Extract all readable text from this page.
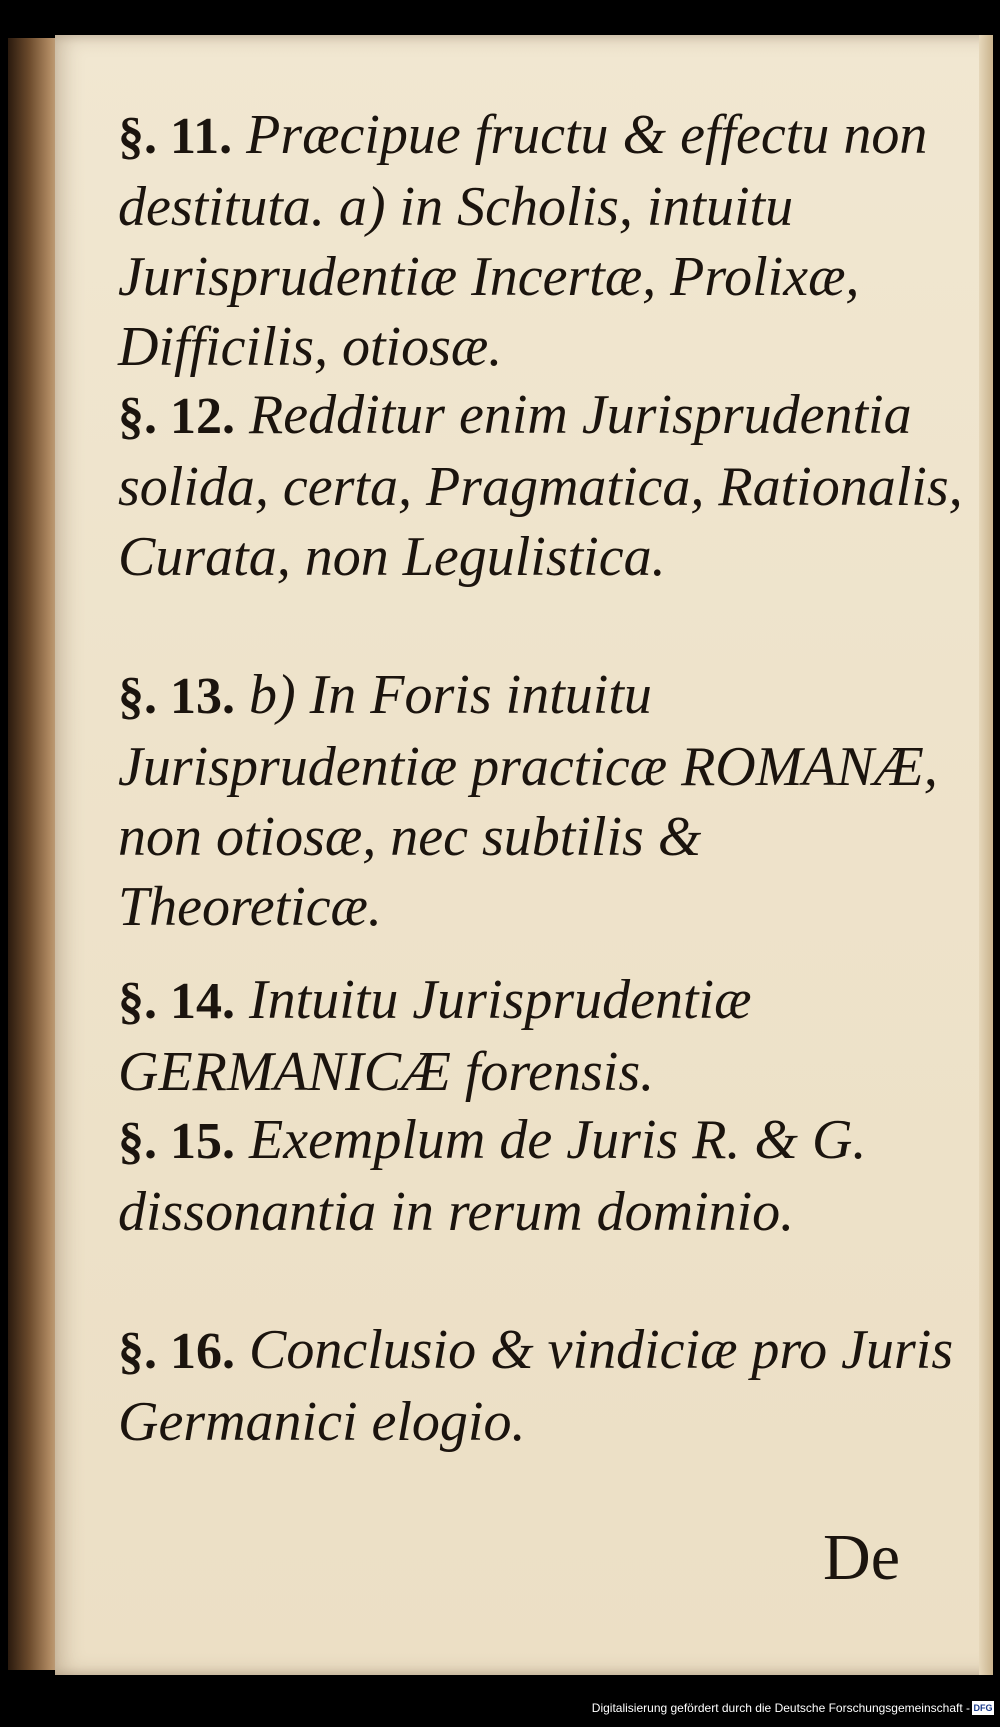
§. 11. Præcipue fructu & effectu non destituta. a) in Scholis, intuitu Jurisprudentiæ Incertæ, Prolixæ, Difficilis, otiosæ.
§. 12. Redditur enim Jurisprudentia solida, certa, Pragmatica, Rationalis, Curata, non Legulistica.
§. 13. b) In Foris intuitu Jurisprudentiæ practicæ ROMANÆ, non otiosæ, nec subtilis & Theoreticæ.
§. 14. Intuitu Jurisprudentiæ GERMANICÆ forensis.
§. 15. Exemplum de Juris R. & G. dissonantia in rerum dominio.
§. 16. Conclusio & vindiciæ pro Juris Germanici elogio.
De
Digitalisierung gefördert durch die Deutsche Forschungsgemeinschaft - DFG
